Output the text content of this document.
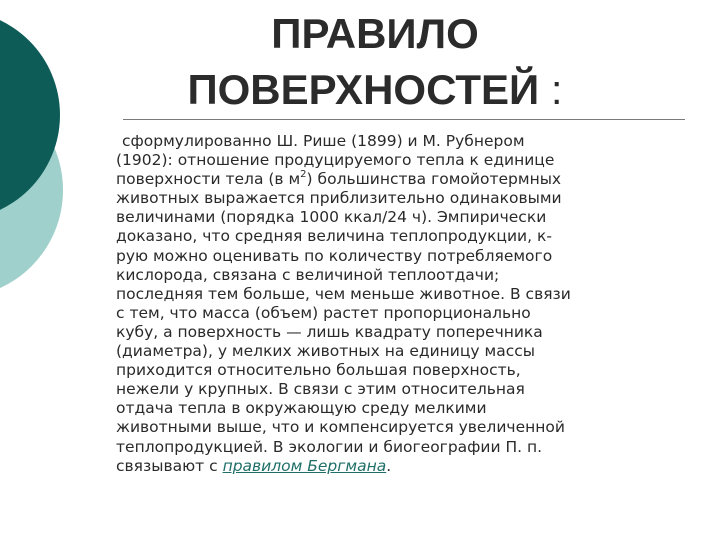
ПРАВИЛО
ПОВЕРХНОСТЕЙ :
сформулированно Ш. Рише (1899) и М. Рубнером
(1902): отношение продуцируемого тепла к единице
поверхности тела (в $м^2$) большинства гомойотермных
животных выражается приблизительно одинаковыми
величинами (порядка 1000 ккал/24 ч). Эмпирически
доказано, что средняя величина теплопродукции, к-
рую можно оценивать по количеству потребляемого
кислорода, связана с величиной теплоотдачи;
последняя тем больше, чем меньше животное. В связи
с тем, что масса (объем) растет пропорционально
кубу, а поверхность — лишь квадрату поперечника
(диаметра), у мелких животных на единицу массы
приходится относительно большая поверхность,
нежели у крупных. В связи с этим относительная
отдача тепла в окружающую среду мелкими
животными выше, что и компенсируется увеличенной
теплопродукцией. В экологии и биогеографии П. п.
связывают с правилом Бергмана.
